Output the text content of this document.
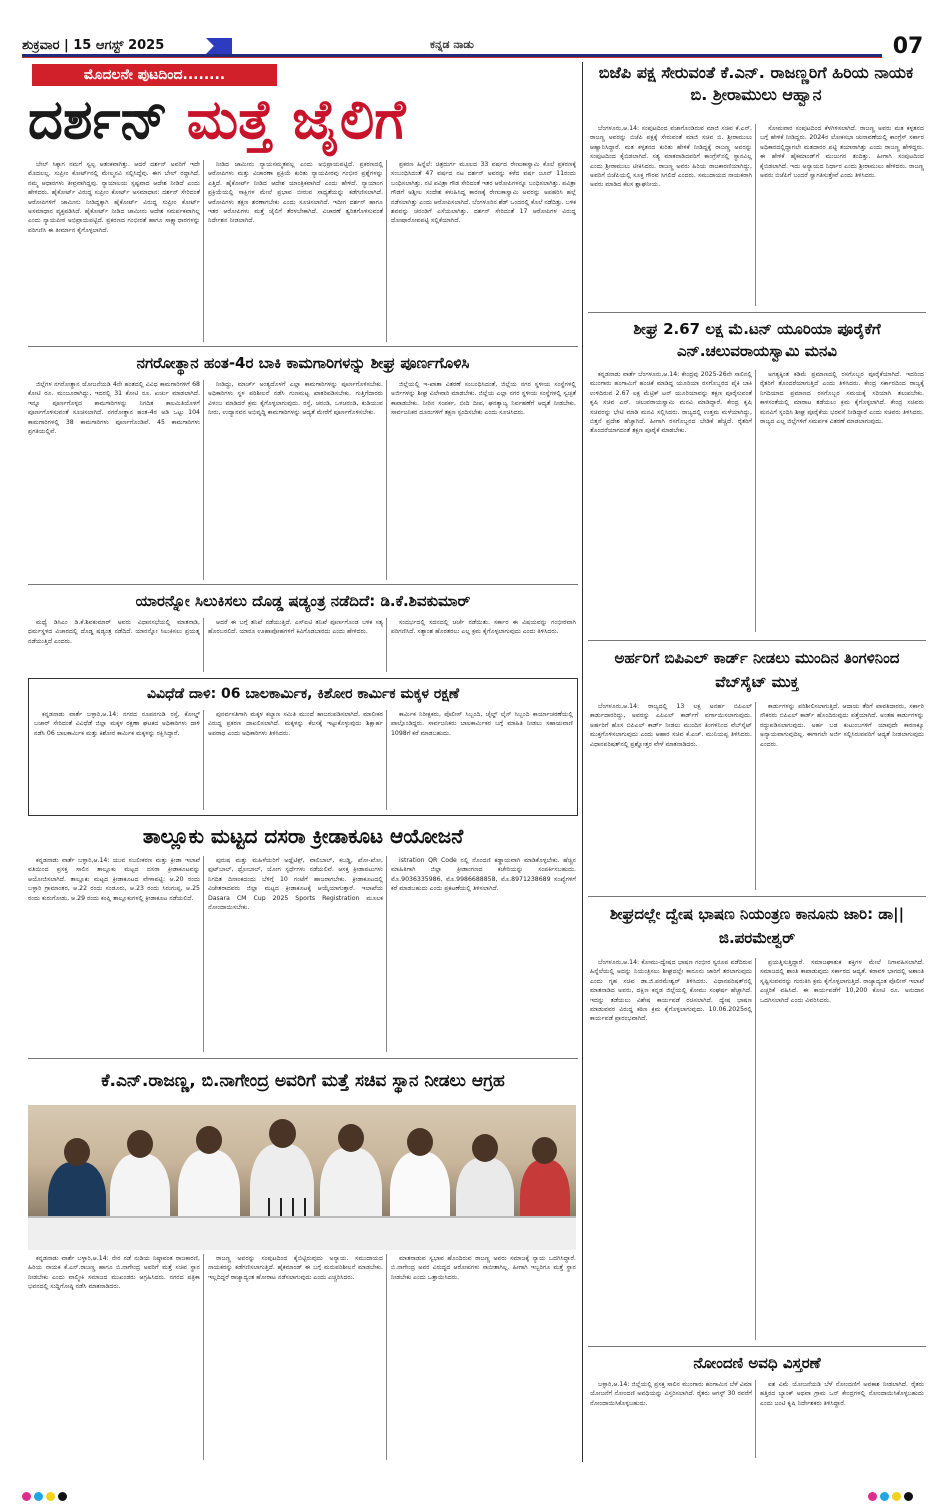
ಶುಕ್ರವಾರ | 15 ಆಗಸ್ಟ್ 2025	ಕನ್ನಡ ನಾಡು	07
ಮೊದಲನೇ ಪುಟದಿಂದ........
ದರ್ಶನ್ ಮತ್ತೆ ಜೈಲಿಗೆ

ಬೇಲ್ ಸಿಕ್ಕಾಗ ನಮಗೆ ಸ್ವಲ್ಪ ಆತಂಕವಾಗಿತ್ತು. ಆದರೆ ದರ್ಶನ್ ಅವರಿಗೆ ಇದೇ ಮೊದಲಲ್ಲ. ಸುಪ್ರೀಂ ಕೋರ್ಟ್‌ನಲ್ಲಿ ಮೇಲ್ಮನವಿ ಸಲ್ಲಿಸಿದ್ದೆವು. ಈಗ ಬೇಲ್ ರದ್ದಾಗಿದೆ. ನಮ್ಮ ಆಧಾರಗಳು ತೀವ್ರವಾಗಿದ್ದವು. ನ್ಯಾಯಾಲಯ ಸ್ಪಷ್ಟವಾದ ಆದೇಶ ನೀಡಿದೆ ಎಂದು ಹೇಳಿದರು. ಹೈಕೋರ್ಟ್ ವಿರುದ್ಧ ಸುಪ್ರೀಂ ಕೋರ್ಟ್ ಅಸಮಾಧಾನ: ದರ್ಶನ್ ಸೇರಿದಂತೆ ಆರೋಪಿಗಳಿಗೆ ಜಾಮೀನು ನೀಡಿದ್ದಕ್ಕಾಗಿ ಹೈಕೋರ್ಟ್ ವಿರುದ್ಧ ಸುಪ್ರೀಂ ಕೋರ್ಟ್ ಅಸಮಾಧಾನ ವ್ಯಕ್ತಪಡಿಸಿದೆ. ಹೈಕೋರ್ಟ್ ನೀಡಿದ ಜಾಮೀನು ಆದೇಶ ಸಮರ್ಪಕವಾಗಿಲ್ಲ ಎಂದು ನ್ಯಾಯಪೀಠ ಅಭಿಪ್ರಾಯಪಟ್ಟಿದೆ. ಪ್ರಕರಣದ ಗಂಭೀರತೆ ಹಾಗೂ ಸಾಕ್ಷ್ಯಾಧಾರಗಳನ್ನು ಪರಿಗಣಿಸಿ ಈ ತೀರ್ಮಾನ ಕೈಗೊಳ್ಳಲಾಗಿದೆ.

ನೀಡಿದ ಜಾಮೀನು ನ್ಯಾಯಸಮ್ಮತವಲ್ಲ ಎಂದು ಅಭಿಪ್ರಾಯಪಟ್ಟಿದೆ. ಪ್ರಕರಣದಲ್ಲಿ ಆರೋಪಿಗಳು ಮತ್ತು ವಿಚಾರಣಾ ಪ್ರಕ್ರಿಯೆ ಕುರಿತು ನ್ಯಾಯಪೀಠವು ಗಂಭೀರ ಪ್ರಶ್ನೆಗಳನ್ನು ಎತ್ತಿದೆ. ಹೈಕೋರ್ಟ್ ನೀಡಿದ ಆದೇಶ ಯಾಂತ್ರಿಕವಾಗಿದೆ ಎಂದು ಹೇಳಿದೆ. ನ್ಯಾಯಾಂಗ ಪ್ರಕ್ರಿಯೆಯಲ್ಲಿ ಸಾಕ್ಷಿಗಳ ಮೇಲೆ ಪ್ರಭಾವ ಬೀರುವ ಸಾಧ್ಯತೆಯನ್ನು ಕಡೆಗಣಿಸಲಾಗಿದೆ. ಆರೋಪಿಗಳು ತಕ್ಷಣ ಶರಣಾಗಬೇಕು ಎಂದು ಸೂಚಿಸಲಾಗಿದೆ. ಇದೀಗ ದರ್ಶನ್ ಹಾಗೂ ಇತರ ಆರೋಪಿಗಳು ಮತ್ತೆ ಜೈಲಿಗೆ ತೆರಳಬೇಕಾಗಿದೆ. ವಿಚಾರಣೆ ತ್ವರಿತಗೊಳಿಸುವಂತೆ ನಿರ್ದೇಶನ ನೀಡಲಾಗಿದೆ.

ಪ್ರಕರಣ ಹಿನ್ನೆಲೆ: ಚಿತ್ರದುರ್ಗ ಮೂಲದ 33 ವರ್ಷದ ರೇಣುಕಾಸ್ವಾಮಿ ಕೊಲೆ ಪ್ರಕರಣಕ್ಕೆ ಸಂಬಂಧಿಸಿದಂತೆ 47 ವರ್ಷದ ನಟ ದರ್ಶನ್ ಅವರನ್ನು ಕಳೆದ ವರ್ಷ ಜೂನ್ 11ರಂದು ಬಂಧಿಸಲಾಗಿತ್ತು. ನಟಿ ಪವಿತ್ರಾ ಗೌಡ ಸೇರಿದಂತೆ ಇತರ ಆರೋಪಿಗಳನ್ನೂ ಬಂಧಿಸಲಾಗಿತ್ತು. ಪವಿತ್ರಾ ಗೌಡಗೆ ಅಶ್ಲೀಲ ಸಂದೇಶ ಕಳುಹಿಸಿದ್ದ ಕಾರಣಕ್ಕೆ ರೇಣುಕಾಸ್ವಾಮಿ ಅವರನ್ನು ಅಪಹರಿಸಿ ಹಲ್ಲೆ ನಡೆಸಲಾಗಿತ್ತು ಎಂದು ಆರೋಪಿಸಲಾಗಿದೆ. ಬೆಂಗಳೂರಿನ ಶೆಡ್ ಒಂದರಲ್ಲಿ ಕೊಲೆ ನಡೆದಿತ್ತು. ಬಳಿಕ ಶವವನ್ನು ಚರಂಡಿಗೆ ಎಸೆಯಲಾಗಿತ್ತು. ದರ್ಶನ್ ಸೇರಿದಂತೆ 17 ಆರೋಪಿಗಳ ವಿರುದ್ಧ ದೋಷಾರೋಪಪಟ್ಟಿ ಸಲ್ಲಿಕೆಯಾಗಿದೆ.

ಬಿಜೆಪಿ ಪಕ್ಷ ಸೇರುವಂತೆ ಕೆ.ಎನ್. ರಾಜಣ್ಣರಿಗೆ ಹಿರಿಯ ನಾಯಕ ಬಿ. ಶ್ರೀರಾಮುಲು ಆಹ್ವಾನ

ಬೆಂಗಳೂರು,ಆ.14: ಸಂಪುಟದಿಂದ ವಜಾಗೊಂಡಿರುವ ಮಾಜಿ ಸಚಿವ ಕೆ.ಎನ್. ರಾಜಣ್ಣ ಅವರನ್ನು ಬಿಜೆಪಿ ಪಕ್ಷಕ್ಕೆ ಸೇರುವಂತೆ ಮಾಜಿ ಸಚಿವ ಬಿ. ಶ್ರೀರಾಮುಲು ಆಹ್ವಾನಿಸಿದ್ದಾರೆ. ಮತ ಕಳ್ಳತನದ ಕುರಿತು ಹೇಳಿಕೆ ನೀಡಿದ್ದಕ್ಕೆ ರಾಜಣ್ಣ ಅವರನ್ನು ಸಂಪುಟದಿಂದ ಕೈಬಿಡಲಾಗಿದೆ. ಸತ್ಯ ಮಾತನಾಡಿದವರಿಗೆ ಕಾಂಗ್ರೆಸ್‌ನಲ್ಲಿ ಸ್ಥಾನವಿಲ್ಲ ಎಂದು ಶ್ರೀರಾಮುಲು ಟೀಕಿಸಿದರು. ರಾಜಣ್ಣ ಅವರು ಹಿರಿಯ ರಾಜಕಾರಣಿಯಾಗಿದ್ದು, ಅವರಿಗೆ ಬಿಜೆಪಿಯಲ್ಲಿ ಸೂಕ್ತ ಗೌರವ ಸಿಗಲಿದೆ ಎಂದರು. ಸಮುದಾಯದ ನಾಯಕರಾಗಿ ಅವರು ಮಾಡಿದ ಕೆಲಸ ಶ್ಲಾಘನೀಯ.

ಸೋಮವಾರ ಸಂಪುಟದಿಂದ ಕೆಳಗಿಳಿಸಲಾಗಿದೆ. ರಾಜಣ್ಣ ಅವರು ಮತ ಕಳ್ಳತನದ ಬಗ್ಗೆ ಹೇಳಿಕೆ ನೀಡಿದ್ದರು. 2024ರ ಲೋಕಸಭಾ ಚುನಾವಣೆಯಲ್ಲಿ ಕಾಂಗ್ರೆಸ್ ಸರ್ಕಾರ ಅಧಿಕಾರದಲ್ಲಿದ್ದಾಗಲೇ ಮತದಾರರ ಪಟ್ಟಿ ತಯಾರಾಗಿತ್ತು ಎಂದು ರಾಜಣ್ಣ ಹೇಳಿದ್ದರು. ಈ ಹೇಳಿಕೆ ಹೈಕಮಾಂಡ್‌ಗೆ ಮುಜುಗರ ತಂದಿತ್ತು. ಹೀಗಾಗಿ ಸಂಪುಟದಿಂದ ಕೈಬಿಡಲಾಗಿದೆ. ಇದು ಅನ್ಯಾಯದ ನಿರ್ಧಾರ ಎಂದು ಶ್ರೀರಾಮುಲು ಹೇಳಿದರು. ರಾಜಣ್ಣ ಅವರು ಬಿಜೆಪಿಗೆ ಬಂದರೆ ಸ್ವಾಗತಿಸುತ್ತೇವೆ ಎಂದು ತಿಳಿಸಿದರು.

ಶೀಘ್ರ 2.67 ಲಕ್ಷ ಮೆ.ಟನ್ ಯೂರಿಯಾ ಪೂರೈಕೆಗೆ ಎನ್.ಚಲುವರಾಯಸ್ವಾಮಿ ಮನವಿ

ಕನ್ನಡನಾಡು ವಾರ್ತೆ ಬೆಂಗಳೂರು,ಆ.14: ಕೇಂದ್ರವು 2025-26ನೇ ಸಾಲಿನಲ್ಲಿ ಮುಂಗಾರು ಹಂಗಾಮಿಗೆ ಹಂಚಿಕೆ ಮಾಡಿದ್ದ ಯೂರಿಯಾ ರಸಗೊಬ್ಬರದ ಪೈಕಿ ಬಾಕಿ ಉಳಿದಿರುವ 2.67 ಲಕ್ಷ ಮೆಟ್ರಿಕ್ ಟನ್ ಯೂರಿಯಾವನ್ನು ತಕ್ಷಣ ಪೂರೈಸುವಂತೆ ಕೃಷಿ ಸಚಿವ ಎನ್. ಚಲುವರಾಯಸ್ವಾಮಿ ಮನವಿ ಮಾಡಿದ್ದಾರೆ. ಕೇಂದ್ರ ಕೃಷಿ ಸಚಿವರನ್ನು ಭೇಟಿ ಮಾಡಿ ಮನವಿ ಸಲ್ಲಿಸಿದರು. ರಾಜ್ಯದಲ್ಲಿ ಉತ್ತಮ ಮಳೆಯಾಗಿದ್ದು, ಬಿತ್ತನೆ ಪ್ರದೇಶ ಹೆಚ್ಚಾಗಿದೆ. ಹೀಗಾಗಿ ರಸಗೊಬ್ಬರದ ಬೇಡಿಕೆ ಹೆಚ್ಚಿದೆ. ರೈತರಿಗೆ ತೊಂದರೆಯಾಗದಂತೆ ತಕ್ಷಣ ಪೂರೈಕೆ ಮಾಡಬೇಕು.

ಅಗತ್ಯಕ್ಕಿಂತ ಕಡಿಮೆ ಪ್ರಮಾಣದಲ್ಲಿ ರಸಗೊಬ್ಬರ ಪೂರೈಕೆಯಾಗಿದೆ. ಇದರಿಂದ ರೈತರಿಗೆ ತೊಂದರೆಯಾಗುತ್ತಿದೆ ಎಂದು ತಿಳಿಸಿದರು. ಕೇಂದ್ರ ಸರ್ಕಾರದಿಂದ ರಾಜ್ಯಕ್ಕೆ ನಿಗದಿಯಾದ ಪ್ರಮಾಣದ ರಸಗೊಬ್ಬರ ಸಮಯಕ್ಕೆ ಸರಿಯಾಗಿ ತಲುಪಬೇಕು. ಕಾಳಸಂತೆಯಲ್ಲಿ ಮಾರಾಟ ತಡೆಯಲು ಕ್ರಮ ಕೈಗೊಳ್ಳಲಾಗಿದೆ. ಕೇಂದ್ರ ಸಚಿವರು ಮನವಿಗೆ ಸ್ಪಂದಿಸಿ ಶೀಘ್ರ ಪೂರೈಕೆಯ ಭರವಸೆ ನೀಡಿದ್ದಾರೆ ಎಂದು ಸಚಿವರು ತಿಳಿಸಿದರು. ರಾಜ್ಯದ ಎಲ್ಲ ಜಿಲ್ಲೆಗಳಿಗೆ ಸಮರ್ಪಕ ವಿತರಣೆ ಮಾಡಲಾಗುವುದು.

ಅರ್ಹರಿಗೆ ಬಿಪಿಎಲ್ ಕಾರ್ಡ್ ನೀಡಲು ಮುಂದಿನ ತಿಂಗಳಿನಿಂದ ವೆಬ್‌ಸೈಟ್ ಮುಕ್ತ

ಬೆಂಗಳೂರು,ಆ.14: ರಾಜ್ಯದಲ್ಲಿ 13 ಲಕ್ಷ ಅನರ್ಹ ಬಿಪಿಎಲ್ ಕಾರ್ಡುದಾರರಿದ್ದು, ಅವರನ್ನು ಎಪಿಎಲ್ ಕಾರ್ಡ್‌ಗೆ ವರ್ಗಾಯಿಸಲಾಗುವುದು. ಅರ್ಹರಿಗೆ ಹೊಸ ಬಿಪಿಎಲ್ ಕಾರ್ಡ್ ನೀಡಲು ಮುಂದಿನ ತಿಂಗಳಿನಿಂದ ವೆಬ್‌ಸೈಟ್ ಮುಕ್ತಗೊಳಿಸಲಾಗುವುದು ಎಂದು ಆಹಾರ ಸಚಿವ ಕೆ.ಎಚ್. ಮುನಿಯಪ್ಪ ತಿಳಿಸಿದರು. ವಿಧಾನಪರಿಷತ್‌ನಲ್ಲಿ ಪ್ರಶ್ನೋತ್ತರ ವೇಳೆ ಮಾತನಾಡಿದರು.

ಕಾರ್ಡುಗಳನ್ನು ಪರಿಶೀಲಿಸಲಾಗುತ್ತಿದೆ. ಆದಾಯ ತೆರಿಗೆ ಪಾವತಿದಾರರು, ಸರ್ಕಾರಿ ನೌಕರರು ಬಿಪಿಎಲ್ ಕಾರ್ಡ್ ಹೊಂದಿರುವುದು ಪತ್ತೆಯಾಗಿದೆ. ಅಂತಹ ಕಾರ್ಡುಗಳನ್ನು ರದ್ದುಪಡಿಸಲಾಗುವುದು. ಅರ್ಹ ಬಡ ಕುಟುಂಬಗಳಿಗೆ ಯಾವುದೇ ಕಾರಣಕ್ಕೂ ಅನ್ಯಾಯವಾಗುವುದಿಲ್ಲ. ಈಗಾಗಲೇ ಅರ್ಜಿ ಸಲ್ಲಿಸಿರುವವರಿಗೆ ಆದ್ಯತೆ ನೀಡಲಾಗುವುದು ಎಂದರು.

ಶೀಘ್ರದಲ್ಲೇ ದ್ವೇಷ ಭಾಷಣ ನಿಯಂತ್ರಣ ಕಾನೂನು ಜಾರಿ: ಡಾ||ಜಿ.ಪರಮೇಶ್ವರ್

ಬೆಂಗಳೂರು,ಆ.14: ಕೋಮು-ದ್ವೇಷದ ಭಾಷಣ ಗಂಭೀರ ಸ್ವರೂಪ ಪಡೆದಿರುವ ಹಿನ್ನೆಲೆಯಲ್ಲಿ ಅದನ್ನು ನಿಯಂತ್ರಿಸಲು ಶೀಘ್ರದಲ್ಲೇ ಕಾನೂನು ಜಾರಿಗೆ ತರಲಾಗುವುದು ಎಂದು ಗೃಹ ಸಚಿವ ಡಾ.ಜಿ.ಪರಮೇಶ್ವರ್ ತಿಳಿಸಿದರು. ವಿಧಾನಪರಿಷತ್‌ನಲ್ಲಿ ಮಾತನಾಡಿದ ಅವರು, ದಕ್ಷಿಣ ಕನ್ನಡ ಜಿಲ್ಲೆಯಲ್ಲಿ ಕೋಮು ಸಂಘರ್ಷ ಹೆಚ್ಚಾಗಿದೆ. ಇದನ್ನು ತಡೆಯಲು ವಿಶೇಷ ಕಾರ್ಯಪಡೆ ರಚಿಸಲಾಗಿದೆ. ದ್ವೇಷ ಭಾಷಣ ಮಾಡುವವರ ವಿರುದ್ಧ ಕಠಿಣ ಕ್ರಮ ಕೈಗೊಳ್ಳಲಾಗುವುದು. 10.06.2025ರಲ್ಲಿ ಕಾರ್ಯಪಡೆ ಪ್ರಾರಂಭವಾಗಿದೆ.

ಪ್ರಯತ್ನಿಸುತ್ತಿದ್ದಾರೆ. ಸಮಾಜಘಾತುಕ ಶಕ್ತಿಗಳ ಮೇಲೆ ನಿಗಾವಹಿಸಲಾಗಿದೆ. ಸಮಾಜದಲ್ಲಿ ಶಾಂತಿ ಕಾಪಾಡುವುದು ಸರ್ಕಾರದ ಆದ್ಯತೆ. ಕರಾವಳಿ ಭಾಗದಲ್ಲಿ ಅಶಾಂತಿ ಸೃಷ್ಟಿಸುವವರನ್ನು ಗುರುತಿಸಿ ಕ್ರಮ ಕೈಗೊಳ್ಳಲಾಗುತ್ತಿದೆ. ರಾಜ್ಯಾದ್ಯಂತ ಪೊಲೀಸ್ ಇಲಾಖೆ ಎಚ್ಚರಿಕೆ ವಹಿಸಿದೆ. ಈ ಕಾರ್ಯಪಡೆಗೆ 10,200 ಕೋಟಿ ರೂ. ಅನುದಾನ ಒದಗಿಸಲಾಗಿದೆ ಎಂದು ವಿವರಿಸಿದರು.

ನೋಂದಣಿ ಅವಧಿ ವಿಸ್ತರಣೆ

ಬಳ್ಳಾರಿ,ಆ.14: ಜಿಲ್ಲೆಯಲ್ಲಿ ಪ್ರಸಕ್ತ ಸಾಲಿನ ಮುಂಗಾರು ಹಂಗಾಮಿನ ಬೆಳೆ ವಿಮಾ ಯೋಜನೆಗೆ ನೋಂದಣಿ ಅವಧಿಯನ್ನು ವಿಸ್ತರಿಸಲಾಗಿದೆ. ರೈತರು ಆಗಸ್ಟ್ 30 ರವರೆಗೆ ನೋಂದಾಯಿಸಿಕೊಳ್ಳಬಹುದು.

ಐಶ ವಿಮೆ ಯೋಜನೆಯಡಿ ಬೆಳೆ ನೋಂದಣಿಗೆ ಅವಕಾಶ ನೀಡಲಾಗಿದೆ. ರೈತರು ಹತ್ತಿರದ ಬ್ಯಾಂಕ್ ಅಥವಾ ಗ್ರಾಮ ಒನ್ ಕೇಂದ್ರಗಳಲ್ಲಿ ನೋಂದಾಯಿಸಿಕೊಳ್ಳಬಹುದು ಎಂದು ಜಂಟಿ ಕೃಷಿ ನಿರ್ದೇಶಕರು ತಿಳಿಸಿದ್ದಾರೆ.

ನಗರೋತ್ಥಾನ ಹಂತ-4ರ ಬಾಕಿ ಕಾಮಗಾರಿಗಳನ್ನು ಶೀಘ್ರ ಪೂರ್ಣಗೊಳಿಸಿ

ಜಿಲ್ಲೆಗಳ ನಗರೋತ್ಥಾನ ಯೋಜನೆಯಡಿ 4ನೇ ಹಂತದಲ್ಲಿ ವಿವಿಧ ಕಾಮಗಾರಿಗಳಿಗೆ 68 ಕೋಟಿ ರೂ. ಮಂಜೂರಾಗಿದ್ದು, ಇದರಲ್ಲಿ 31 ಕೋಟಿ ರೂ. ಖರ್ಚು ಮಾಡಲಾಗಿದೆ. ಇನ್ನೂ ಪೂರ್ಣಗೊಳ್ಳದ ಕಾಮಗಾರಿಗಳನ್ನು ನಿಗದಿತ ಕಾಲಮಿತಿಯೊಳಗೆ ಪೂರ್ಣಗೊಳಿಸುವಂತೆ ಸೂಚಿಸಲಾಗಿದೆ. ನಗರೋತ್ಥಾನ ಹಂತ-4ರ ಅಡಿ ಒಟ್ಟು 104 ಕಾಮಗಾರಿಗಳಲ್ಲಿ 38 ಕಾಮಗಾರಿಗಳು ಪೂರ್ಣಗೊಂಡಿವೆ. 45 ಕಾಮಗಾರಿಗಳು ಪ್ರಗತಿಯಲ್ಲಿವೆ.

ನೀಡಿದ್ದು, ಮಾರ್ಚ್ ಅಂತ್ಯದೊಳಗೆ ಎಲ್ಲಾ ಕಾಮಗಾರಿಗಳನ್ನು ಪೂರ್ಣಗೊಳಿಸಬೇಕು. ಅಧಿಕಾರಿಗಳು ಸ್ಥಳ ಪರಿಶೀಲನೆ ನಡೆಸಿ ಗುಣಮಟ್ಟ ಖಾತರಿಪಡಿಸಬೇಕು. ಗುತ್ತಿಗೆದಾರರು ವಿಳಂಬ ಮಾಡಿದರೆ ಕ್ರಮ ಕೈಗೊಳ್ಳಲಾಗುವುದು. ರಸ್ತೆ, ಚರಂಡಿ, ಒಳಚರಂಡಿ, ಕುಡಿಯುವ ನೀರು, ಉದ್ಯಾನವನ ಅಭಿವೃದ್ಧಿ ಕಾಮಗಾರಿಗಳನ್ನು ಆದ್ಯತೆ ಮೇರೆಗೆ ಪೂರ್ಣಗೊಳಿಸಬೇಕು.

ಜಿಲ್ಲೆಯಲ್ಲಿ ಇ-ಖಾತಾ ವಿತರಣೆ ಸಂಬಂಧಿಸಿದಂತೆ, ಜಿಲ್ಲೆಯ ನಗರ ಸ್ಥಳೀಯ ಸಂಸ್ಥೆಗಳಲ್ಲಿ ಅರ್ಜಿಗಳನ್ನು ಶೀಘ್ರ ವಿಲೇವಾರಿ ಮಾಡಬೇಕು. ಜಿಲ್ಲೆಯ ಎಲ್ಲಾ ನಗರ ಸ್ಥಳೀಯ ಸಂಸ್ಥೆಗಳಲ್ಲಿ ಸ್ವಚ್ಛತೆ ಕಾಪಾಡಬೇಕು. ನೀರಿನ ಸಂಪರ್ಕ, ಬೀದಿ ದೀಪ, ಘನತ್ಯಾಜ್ಯ ನಿರ್ವಹಣೆಗೆ ಆದ್ಯತೆ ನೀಡಬೇಕು. ಸಾರ್ವಜನಿಕರ ದೂರುಗಳಿಗೆ ತಕ್ಷಣ ಸ್ಪಂದಿಸಬೇಕು ಎಂದು ಸೂಚಿಸಿದರು.

ಯಾರನ್ನೋ ಸಿಲುಕಿಸಲು ದೊಡ್ಡ ಷಡ್ಯಂತ್ರ ನಡೆದಿದೆ: ಡಿ.ಕೆ.ಶಿವಕುಮಾರ್

ಮಧ್ಯೆ ಡಿಸಿಎಂ ಡಿ.ಕೆ.ಶಿವಕುಮಾರ್ ಅವರು ವಿಧಾನಸಭೆಯಲ್ಲಿ ಮಾತನಾಡಿ, ಧರ್ಮಸ್ಥಳದ ವಿಚಾರದಲ್ಲಿ ದೊಡ್ಡ ಷಡ್ಯಂತ್ರ ನಡೆದಿದೆ. ಯಾರನ್ನೋ ಸಿಲುಕಿಸಲು ಪ್ರಯತ್ನ ನಡೆಯುತ್ತಿದೆ ಎಂದರು.

ಆದರೆ ಈ ಬಗ್ಗೆ ತನಿಖೆ ನಡೆಯುತ್ತಿದೆ. ಎಸ್‌ಐಟಿ ತನಿಖೆ ಪೂರ್ಣಗೊಂಡ ಬಳಿಕ ಸತ್ಯ ಹೊರಬರಲಿದೆ. ಯಾರೂ ಊಹಾಪೋಹಗಳಿಗೆ ಕಿವಿಗೊಡಬಾರದು ಎಂದು ಹೇಳಿದರು.

ಸಂದರ್ಭದಲ್ಲಿ ಸದನದಲ್ಲಿ ಚರ್ಚೆ ನಡೆಯಿತು. ಸರ್ಕಾರ ಈ ವಿಷಯವನ್ನು ಗಂಭೀರವಾಗಿ ಪರಿಗಣಿಸಿದೆ. ಸತ್ಯಾಂಶ ಹೊರತರಲು ಎಲ್ಲ ಕ್ರಮ ಕೈಗೊಳ್ಳಲಾಗುವುದು ಎಂದು ತಿಳಿಸಿದರು.

ವಿವಿಧೆಡೆ ದಾಳಿ: 06 ಬಾಲಕಾರ್ಮಿಕ, ಕಿಶೋರ ಕಾರ್ಮಿಕ ಮಕ್ಕಳ ರಕ್ಷಣೆ

ಕನ್ನಡನಾಡು ವಾರ್ತೆ ಬಳ್ಳಾರಿ,ಆ.14: ನಗರದ ರೂಪನಗುಡಿ ರಸ್ತೆ, ಕೋಲ್ಡ್ ಬಜಾರ್ ಸೇರಿದಂತೆ ವಿವಿಧೆಡೆ ಜಿಲ್ಲಾ ಮಕ್ಕಳ ರಕ್ಷಣಾ ಘಟಕದ ಅಧಿಕಾರಿಗಳು ದಾಳಿ ನಡೆಸಿ 06 ಬಾಲಕಾರ್ಮಿಕ ಮತ್ತು ಕಿಶೋರ ಕಾರ್ಮಿಕ ಮಕ್ಕಳನ್ನು ರಕ್ಷಿಸಿದ್ದಾರೆ.

ಪುನರ್ವಸತಿಗಾಗಿ ಮಕ್ಕಳ ಕಲ್ಯಾಣ ಸಮಿತಿ ಮುಂದೆ ಹಾಜರುಪಡಿಸಲಾಗಿದೆ. ಮಾಲೀಕರ ವಿರುದ್ಧ ಪ್ರಕರಣ ದಾಖಲಿಸಲಾಗಿದೆ. ಮಕ್ಕಳನ್ನು ಕೆಲಸಕ್ಕೆ ಇಟ್ಟುಕೊಳ್ಳುವುದು ಶಿಕ್ಷಾರ್ಹ ಅಪರಾಧ ಎಂದು ಅಧಿಕಾರಿಗಳು ತಿಳಿಸಿದರು.

ಕಾರ್ಮಿಕ ನಿರೀಕ್ಷಕರು, ಪೊಲೀಸ್ ಸಿಬ್ಬಂದಿ, ಚೈಲ್ಡ್ ಲೈನ್ ಸಿಬ್ಬಂದಿ ಕಾರ್ಯಾಚರಣೆಯಲ್ಲಿ ಪಾಲ್ಗೊಂಡಿದ್ದರು. ಸಾರ್ವಜನಿಕರು ಬಾಲಕಾರ್ಮಿಕರ ಬಗ್ಗೆ ಮಾಹಿತಿ ನೀಡಲು ಸಹಾಯವಾಣಿ 1098ಗೆ ಕರೆ ಮಾಡಬಹುದು.

ತಾಲ್ಲೂಕು ಮಟ್ಟದ ದಸರಾ ಕ್ರೀಡಾಕೂಟ ಆಯೋಜನೆ

ಕನ್ನಡನಾಡು ವಾರ್ತೆ ಬಳ್ಳಾರಿ,ಆ.14: ಯುವ ಸಬಲೀಕರಣ ಮತ್ತು ಕ್ರೀಡಾ ಇಲಾಖೆ ವತಿಯಿಂದ ಪ್ರಸಕ್ತ ಸಾಲಿನ ತಾಲ್ಲೂಕು ಮಟ್ಟದ ದಸರಾ ಕ್ರೀಡಾಕೂಟವನ್ನು ಆಯೋಜಿಸಲಾಗಿದೆ. ತಾಲ್ಲೂಕು ಮಟ್ಟದ ಕ್ರೀಡಾಕೂಟದ ವೇಳಾಪಟ್ಟಿ: ಆ.20 ರಂದು ಬಳ್ಳಾರಿ ಗ್ರಾಮಾಂತರ, ಆ.22 ರಂದು ಸಂಡೂರು, ಆ.23 ರಂದು ಸಿರುಗುಪ್ಪ, ಆ.25 ರಂದು ಕುರುಗೋಡು, ಆ.29 ರಂದು ಕಂಪ್ಲಿ ತಾಲ್ಲೂಕುಗಳಲ್ಲಿ ಕ್ರೀಡಾಕೂಟ ನಡೆಯಲಿದೆ.

ಪುರುಷ ಮತ್ತು ಮಹಿಳೆಯರಿಗೆ ಅಥ್ಲೆಟಿಕ್ಸ್, ವಾಲಿಬಾಲ್, ಕಬಡ್ಡಿ, ಖೋ-ಖೋ, ಫುಟ್‌ಬಾಲ್, ಥ್ರೋಬಾಲ್, ಯೋಗ ಸ್ಪರ್ಧೆಗಳು ನಡೆಯಲಿವೆ. ಆಸಕ್ತ ಕ್ರೀಡಾಪಟುಗಳು ನಿಗದಿತ ದಿನಾಂಕದಂದು ಬೆಳಿಗ್ಗೆ 10 ಗಂಟೆಗೆ ಹಾಜರಾಗಬೇಕು. ಕ್ರೀಡಾಕೂಟದಲ್ಲಿ ವಿಜೇತರಾದವರು ಜಿಲ್ಲಾ ಮಟ್ಟದ ಕ್ರೀಡಾಕೂಟಕ್ಕೆ ಆಯ್ಕೆಯಾಗುತ್ತಾರೆ. ಇಲಾಖೆಯ Dasara CM Cup 2025 Sports Registration ಮೂಲಕ ನೋಂದಾಯಿಸಬೇಕು.

istration QR Code ನಲ್ಲಿ ನೊಂದಣಿ ಕಡ್ಡಾಯವಾಗಿ ಮಾಡಿಕೊಳ್ಳಬೇಕು. ಹೆಚ್ಚಿನ ಮಾಹಿತಿಗಾಗಿ ಜಿಲ್ಲಾ ಕ್ರೀಡಾಂಗಣದ ಕಚೇರಿಯನ್ನು ಸಂಪರ್ಕಿಸಬಹುದು. ಮೊ.9036335986, ಮೊ.9986688858, ಮೊ.8971238689 ಸಂಖ್ಯೆಗಳಿಗೆ ಕರೆ ಮಾಡಬಹುದು ಎಂದು ಪ್ರಕಟಣೆಯಲ್ಲಿ ತಿಳಿಸಲಾಗಿದೆ.

ಕೆ.ಎನ್.ರಾಜಣ್ಣ, ಬಿ.ನಾಗೇಂದ್ರ ಅವರಿಗೆ ಮತ್ತೆ ಸಚಿವ ಸ್ಥಾನ ನೀಡಲು ಆಗ್ರಹ

ಕನ್ನಡನಾಡು ವಾರ್ತೆ ಬಳ್ಳಾರಿ,ಆ.14: ನೇರ ನಡೆ ನುಡಿಯ ನಿಷ್ಠಾವಂತ ರಾಜಕಾರಣಿ, ಹಿರಿಯ ನಾಯಕ ಕೆ.ಎನ್.ರಾಜಣ್ಣ ಹಾಗೂ ಬಿ.ನಾಗೇಂದ್ರ ಅವರಿಗೆ ಮತ್ತೆ ಸಚಿವ ಸ್ಥಾನ ನೀಡಬೇಕು ಎಂದು ವಾಲ್ಮೀಕಿ ಸಮಾಜದ ಮುಖಂಡರು ಆಗ್ರಹಿಸಿದರು. ನಗರದ ಪತ್ರಿಕಾ ಭವನದಲ್ಲಿ ಸುದ್ದಿಗೋಷ್ಠಿ ನಡೆಸಿ ಮಾತನಾಡಿದರು.

ರಾಜಣ್ಣ ಅವರನ್ನು ಸಂಪುಟದಿಂದ ಕೈಬಿಟ್ಟಿರುವುದು ಅನ್ಯಾಯ. ಸಮುದಾಯದ ನಾಯಕರನ್ನು ಕಡೆಗಣಿಸಲಾಗುತ್ತಿದೆ. ಹೈಕಮಾಂಡ್ ಈ ಬಗ್ಗೆ ಮರುಪರಿಶೀಲನೆ ಮಾಡಬೇಕು. ಇಲ್ಲದಿದ್ದರೆ ರಾಜ್ಯಾದ್ಯಂತ ಹೋರಾಟ ನಡೆಸಲಾಗುವುದು ಎಂದು ಎಚ್ಚರಿಸಿದರು.

ಮಾತನಾಡುವ ಸ್ವಭಾವ ಹೊಂದಿರುವ ರಾಜಣ್ಣ ಅವರು ಸಮಾಜಕ್ಕೆ ನ್ಯಾಯ ಒದಗಿಸಿದ್ದಾರೆ. ಬಿ.ನಾಗೇಂದ್ರ ಅವರ ವಿರುದ್ಧದ ಆರೋಪಗಳು ಸಾಬೀತಾಗಿಲ್ಲ. ಹೀಗಾಗಿ ಇಬ್ಬರಿಗೂ ಮತ್ತೆ ಸ್ಥಾನ ನೀಡಬೇಕು ಎಂದು ಒತ್ತಾಯಿಸಿದರು.
